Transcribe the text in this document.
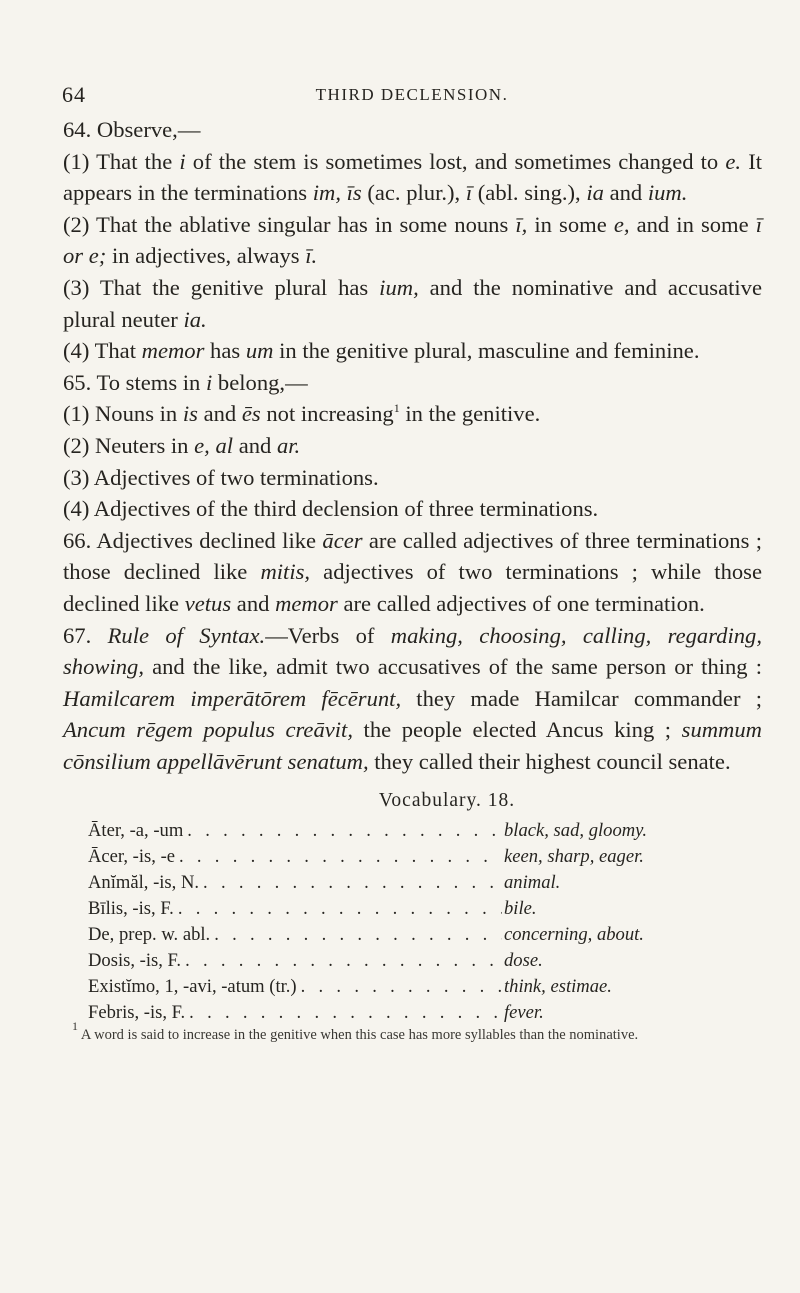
64	THIRD DECLENSION.

64. Observe,—

(1) That the i of the stem is sometimes lost, and sometimes changed to e. It appears in the terminations im, īs (ac. plur.), ī (abl. sing.), ia and ium.

(2) That the ablative singular has in some nouns ī, in some e, and in some ī or e; in adjectives, always ī.

(3) That the genitive plural has ium, and the nominative and accusative plural neuter ia.

(4) That memor has um in the genitive plural, masculine and feminine.

65. To stems in i belong,—

(1) Nouns in is and ēs not increasing$^1$ in the genitive.

(2) Neuters in e, al and ar.

(3) Adjectives of two terminations.

(4) Adjectives of the third declension of three terminations.

66. Adjectives declined like ācer are called adjectives of three terminations ; those declined like mitis, adjectives of two terminations ; while those declined like vetus and memor are called adjectives of one termination.

67. Rule of Syntax.—Verbs of making, choosing, calling, regarding, showing, and the like, admit two accusatives of the same person or thing : Hamilcarem imperātōrem fēcērunt, they made Hamilcar commander ; Ancum rēgem populus creāvit, the people elected Ancus king ; summum cōnsilium appellāvērunt senatum, they called their highest council senate.

Vocabulary. 18.
Āter, -a, -um . . .	black, sad, gloomy.
Ācer, -is, -e . . .	keen, sharp, eager.
Anĭmăl, -is, N. . . .	animal.
Bīlis, -is, F. . . .	bile.
De, prep. w. abl. . . .	concerning, about.
Dosis, -is, F. . . .	dose.
Existĭmo, 1, -avi, -atum (tr.) . . .	think, estimae.
Febris, -is, F. . . .	fever.

$^1$ A word is said to increase in the genitive when this case has more syllables than the nominative.
